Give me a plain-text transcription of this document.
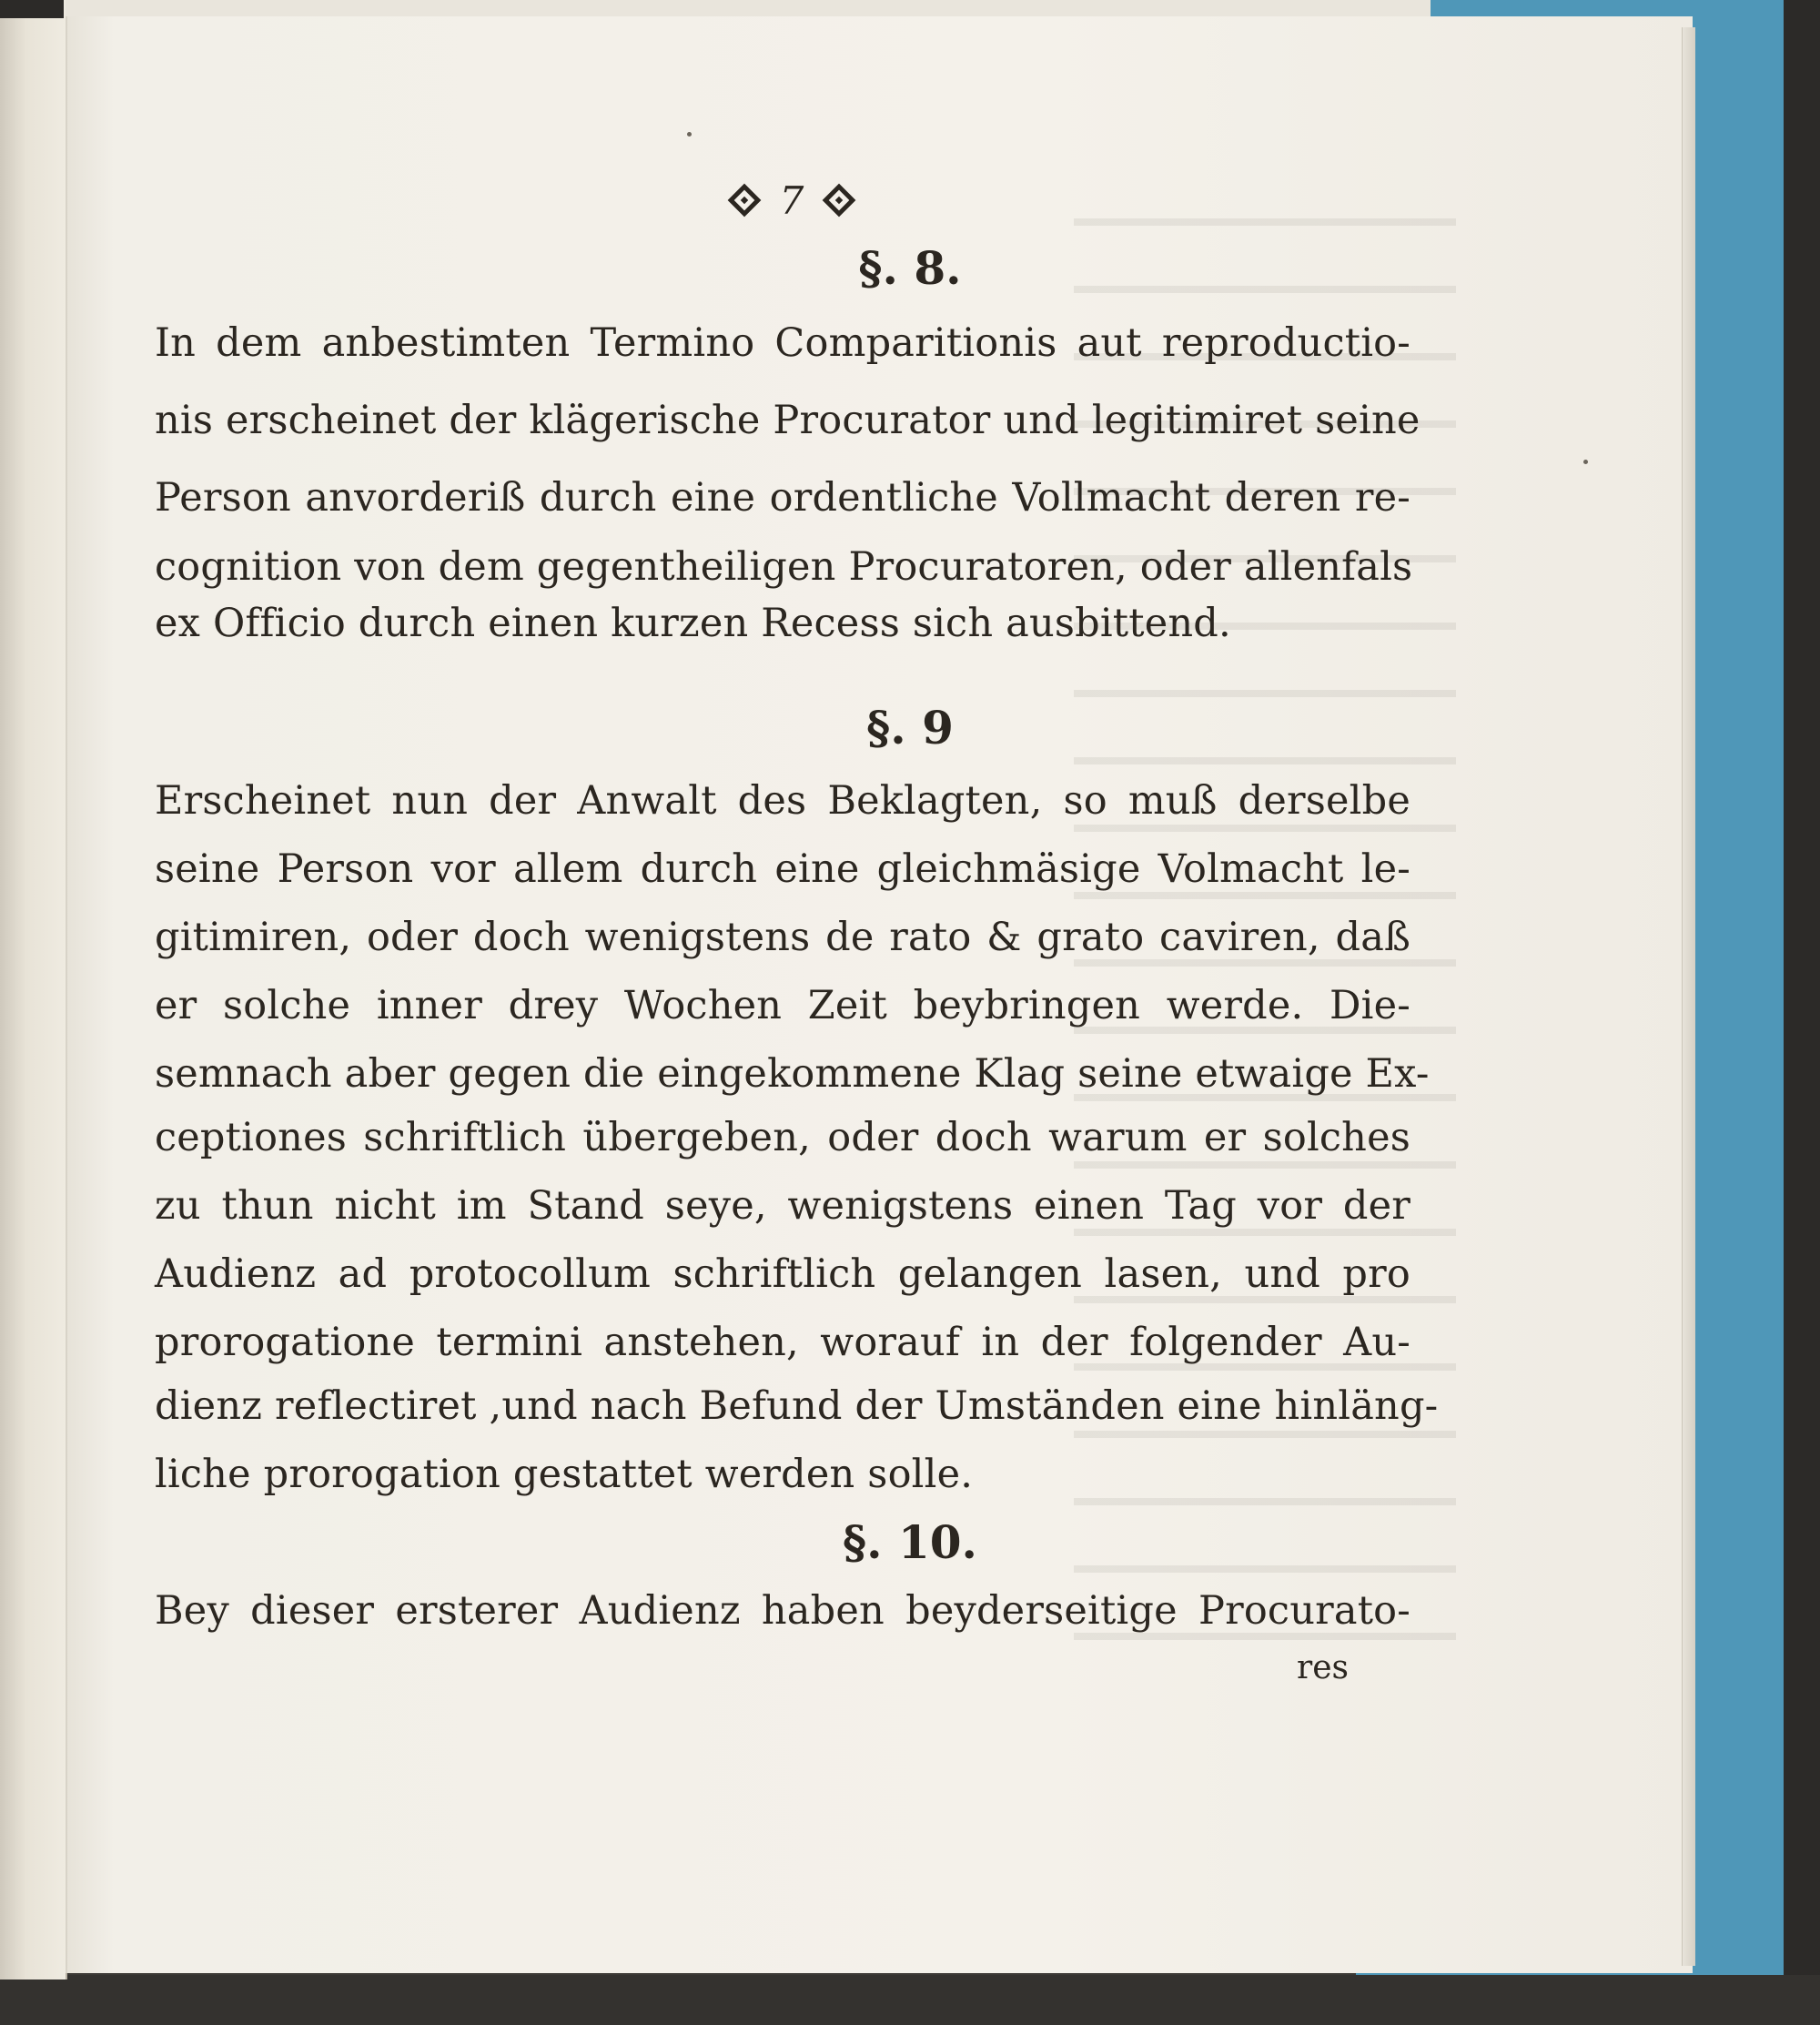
7
§. 8.
In dem anbestimten Termino Comparitionis aut reproductio-
nis erscheinet der klägerische Procurator und legitimiret seine
Person anvorderiß durch eine ordentliche Vollmacht deren re-
cognition von dem gegentheiligen Procuratoren, oder allenfals
ex Officio durch einen kurzen Recess sich ausbittend.
§. 9
Erscheinet nun der Anwalt des Beklagten, so muß derselbe
seine Person vor allem durch eine gleichmäsige Volmacht le-
gitimiren, oder doch wenigstens de rato & grato caviren, daß
er solche inner drey Wochen Zeit beybringen werde. Die-
semnach aber gegen die eingekommene Klag seine etwaige Ex-
ceptiones schriftlich übergeben, oder doch warum er solches
zu thun nicht im Stand seye, wenigstens einen Tag vor der
Audienz ad protocollum schriftlich gelangen lasen, und pro
prorogatione termini anstehen, worauf in der folgender Au-
dienz reflectiret ,und nach Befund der Umständen eine hinläng-
liche prorogation gestattet werden solle.
§. 10.
Bey dieser ersterer Audienz haben beyderseitige Procurato-
res
